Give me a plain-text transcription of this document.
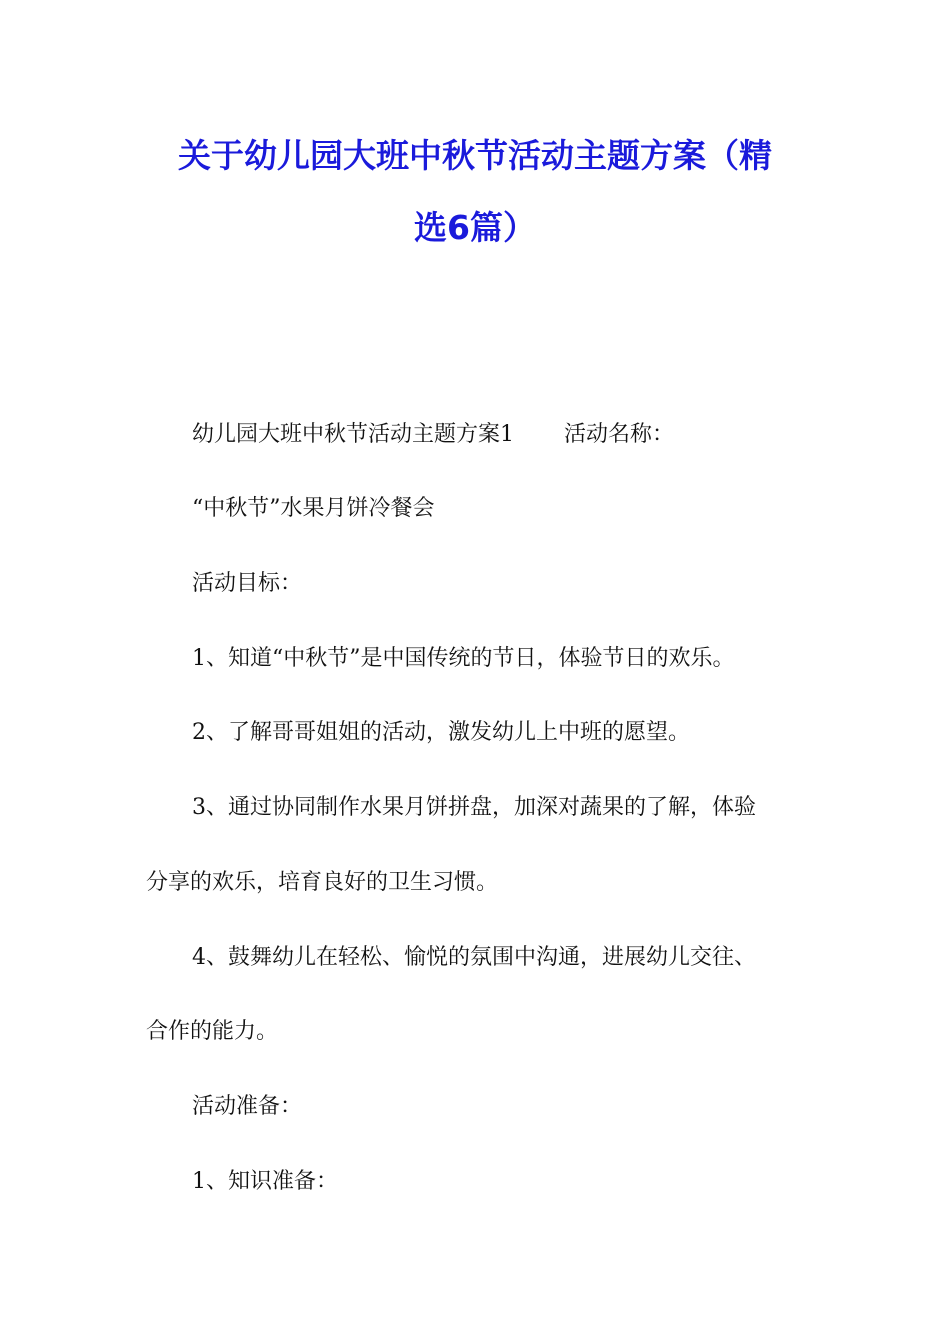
关于幼儿园大班中秋节活动主题方案（精
选6篇）
幼儿园大班中秋节活动主题方案1 活动名称：
“中秋节”水果月饼冷餐会
活动目标：
1、知道“中秋节”是中国传统的节日，体验节日的欢乐。
2、了解哥哥姐姐的活动，激发幼儿上中班的愿望。
3、通过协同制作水果月饼拼盘，加深对蔬果的了解，体验
分享的欢乐，培育良好的卫生习惯。
4、鼓舞幼儿在轻松、愉悦的氛围中沟通，进展幼儿交往、
合作的能力。
活动准备：
1、知识准备：
